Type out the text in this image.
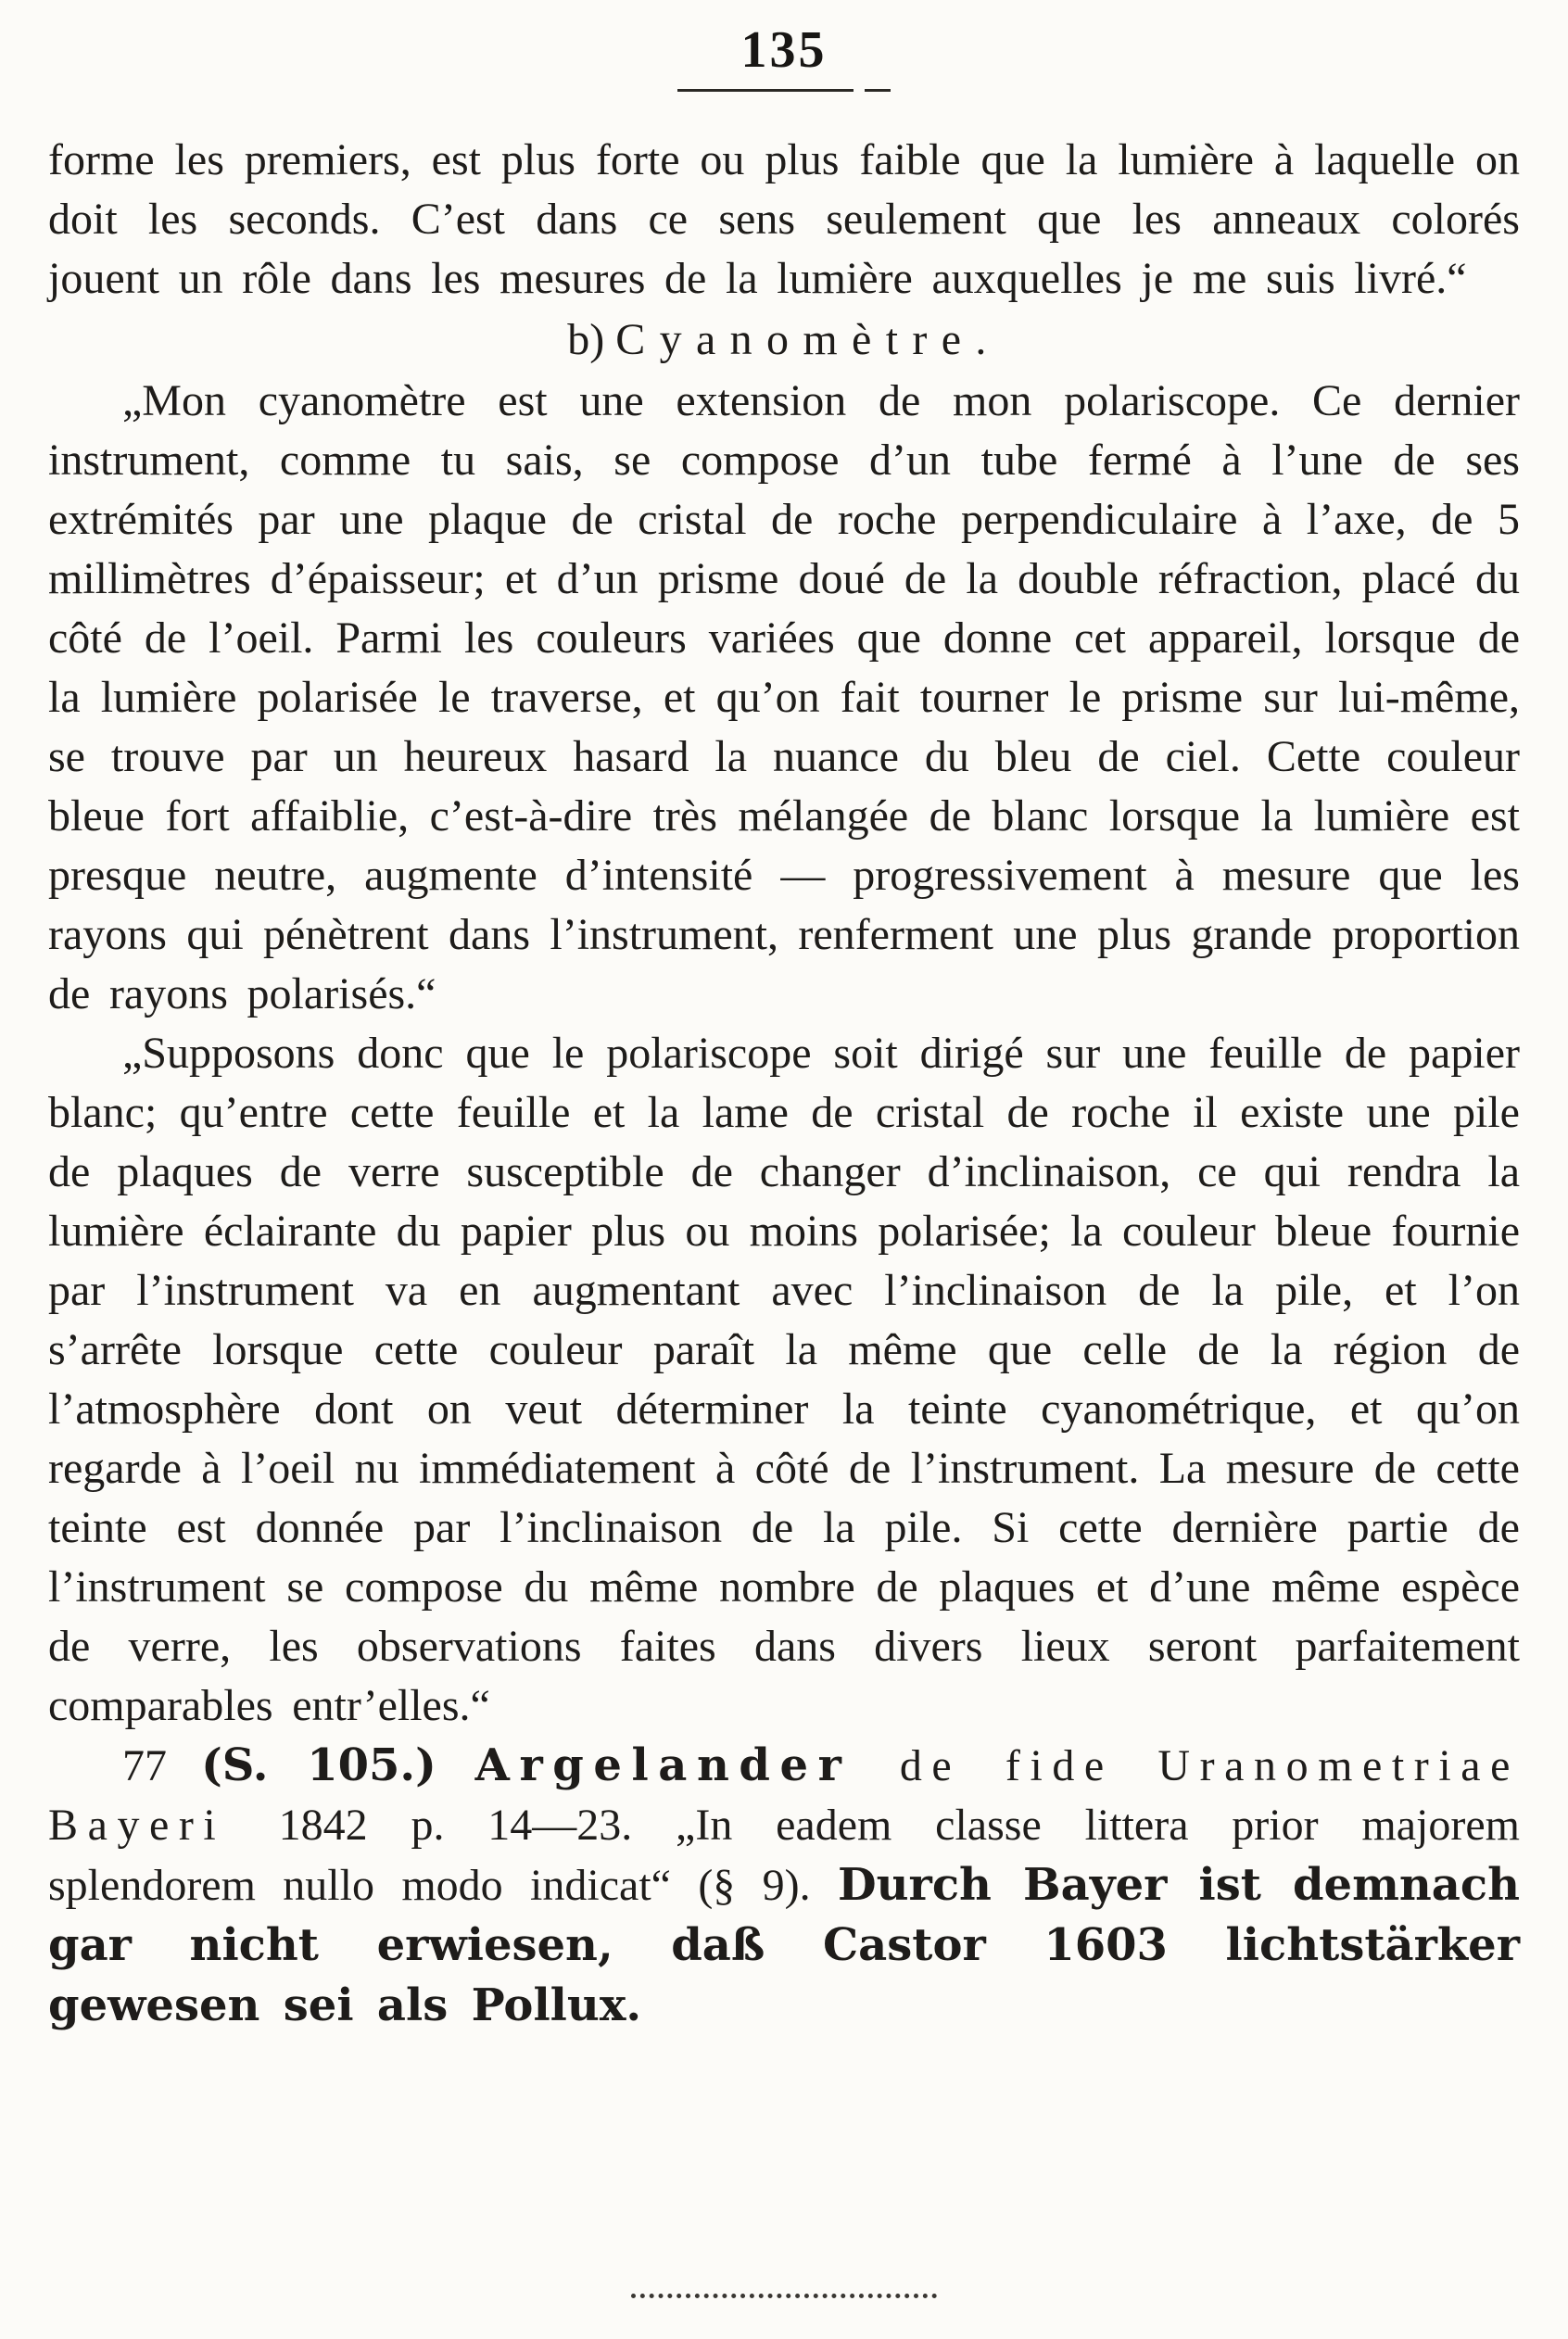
135

forme les premiers, est plus forte ou plus faible que la lumière à laquelle on doit les seconds. C’est dans ce sens seulement que les anneaux colorés jouent un rôle dans les mesures de la lumière auxquelles je me suis livré.“

b) Cyanomètre.

„Mon cyanomètre est une extension de mon polariscope. Ce dernier instrument, comme tu sais, se compose d’un tube fermé à l’une de ses extrémités par une plaque de cristal de roche perpendiculaire à l’axe, de 5 millimètres d’épaisseur; et d’un prisme doué de la double réfraction, placé du côté de l’oeil. Parmi les couleurs variées que donne cet appareil, lorsque de la lumière polarisée le traverse, et qu’on fait tourner le prisme sur lui-même, se trouve par un heureux hasard la nuance du bleu de ciel. Cette couleur bleue fort affaiblie, c’est-à-dire très mélangée de blanc lorsque la lumière est presque neutre, augmente d’intensité — progressivement à mesure que les rayons qui pénètrent dans l’instrument, renferment une plus grande proportion de rayons polarisés.“

„Supposons donc que le polariscope soit dirigé sur une feuille de papier blanc; qu’entre cette feuille et la lame de cristal de roche il existe une pile de plaques de verre susceptible de changer d’inclinaison, ce qui rendra la lumière éclairante du papier plus ou moins polarisée; la couleur bleue fournie par l’instrument va en augmentant avec l’inclinaison de la pile, et l’on s’arrête lorsque cette couleur paraît la même que celle de la région de l’atmosphère dont on veut déterminer la teinte cyanométrique, et qu’on regarde à l’oeil nu immédiatement à côté de l’instrument. La mesure de cette teinte est donnée par l’inclinaison de la pile. Si cette dernière partie de l’instrument se compose du même nombre de plaques et d’une même espèce de verre, les observations faites dans divers lieux seront parfaitement comparables entr’elles.“

77 (S. 105.) Argelander de fide Uranometriae Bayeri 1842 p. 14—23. „In eadem classe littera prior majorem splendorem nullo modo indicat“ (§ 9). Durch Bayer ist demnach gar nicht erwiesen, daß Castor 1603 lichtstärker gewesen sei als Pollux.
